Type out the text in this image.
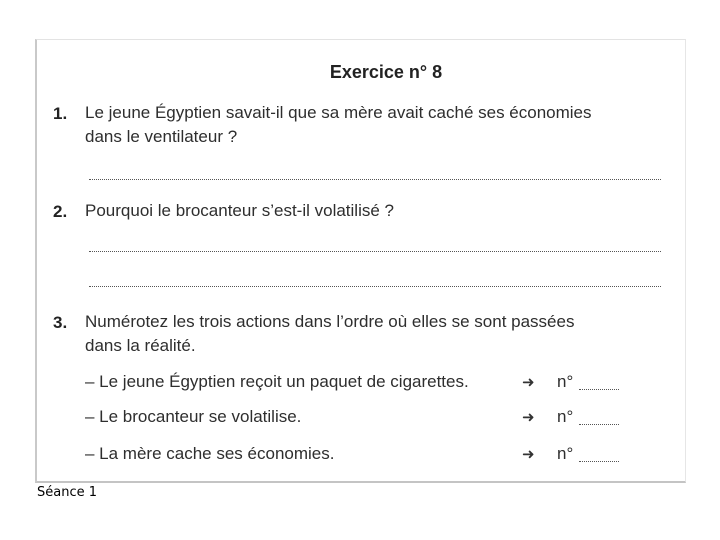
Exercice n° 8
1. Le jeune Égyptien savait-il que sa mère avait caché ses économies
dans le ventilateur ?
2. Pourquoi le brocanteur s’est-il volatilisé ?
3. Numérotez les trois actions dans l’ordre où elles se sont passées
dans la réalité.
– Le jeune Égyptien reçoit un paquet de cigarettes.	➜ n°
– Le brocanteur se volatilise.	➜ n°
– La mère cache ses économies.	➜ n°
Séance 1
